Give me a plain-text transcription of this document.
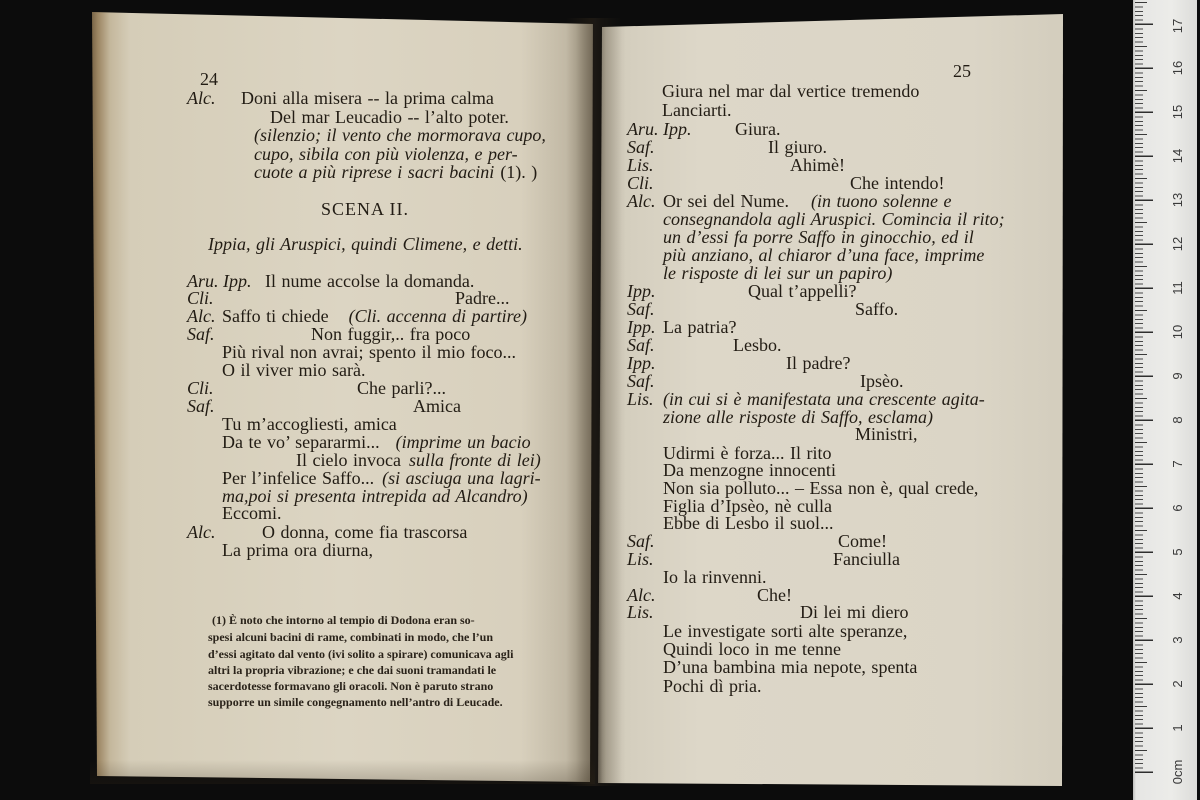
24
Alc. Doni alla misera -- la prima calma
Del mar Leucadio -- l’alto poter.
(silenzio; il vento che mormorava cupo,
cupo, sibila con più violenza, e per-
cuote a più riprese i sacri bacini (1). )
SCENA II.
Ippia, gli Aruspici, quindi Climene, e detti.
Aru. Ipp. Il nume accolse la domanda.
Cli.	Padre...
Alc. Saffo ti chiede (Cli. accenna di partire)
Saf.	Non fuggir,.. fra poco
Più rival non avrai; spento il mio foco...
O il viver mio sarà.
Cli.	Che parli?...
Saf.	Amica
Tu m’accogliesti, amica
Da te vo’ separarmi... (imprime un bacio
Il cielo invoca sulla fronte di lei)
Per l’infelice Saffo... (si asciuga una lagri-
ma,poi si presenta intrepida ad Alcandro)
Eccomi.
Alc.	O donna, come fia trascorsa
La prima ora diurna,
(1) È noto che intorno al tempio di Dodona eran so-
spesi alcuni bacini di rame, combinati in modo, che l’un
d’essi agitato dal vento (ivi solito a spirare) comunicava agli
altri la propria vibrazione; e che dai suoni tramandati le
sacerdotesse formavano gli oracoli. Non è paruto strano
supporre un simile congegnamento nell’antro di Leucade.
25
Giura nel mar dal vertice tremendo
Lanciarti.
Aru. Ipp. Giura.
Saf.	Il giuro.
Lis.	Ahimè!
Cli.	Che intendo!
Alc. Or sei del Nume. (in tuono solenne e
consegnandola agli Aruspici. Comincia il rito;
un d’essi fa porre Saffo in ginocchio, ed il
più anziano, al chiaror d’una face, imprime
le risposte di lei sur un papiro)
Ipp.	Qual t’appelli?
Saf.	Saffo.
Ipp. La patria?
Saf.	Lesbo.
Ipp.	Il padre?
Saf.	Ipsèo.
Lis. (in cui si è manifestata una crescente agita-
zione alle risposte di Saffo, esclama)
Ministri,
Udirmi è forza... Il rito
Da menzogne innocenti
Non sia polluto... – Essa non è, qual crede,
Figlia d’Ipsèo, nè culla
Ebbe di Lesbo il suol...
Saf.	Come!
Lis.	Fanciulla
Io la rinvenni.
Alc.	Che!
Lis.	Di lei mi diero
Le investigate sorti alte speranze,
Quindi loco in me tenne
D’una bambina mia nepote, spenta
Pochi dì pria.
0cm
1
2
3
4
5
6
7
8
9
10
11
12
13
14
15
16
17
